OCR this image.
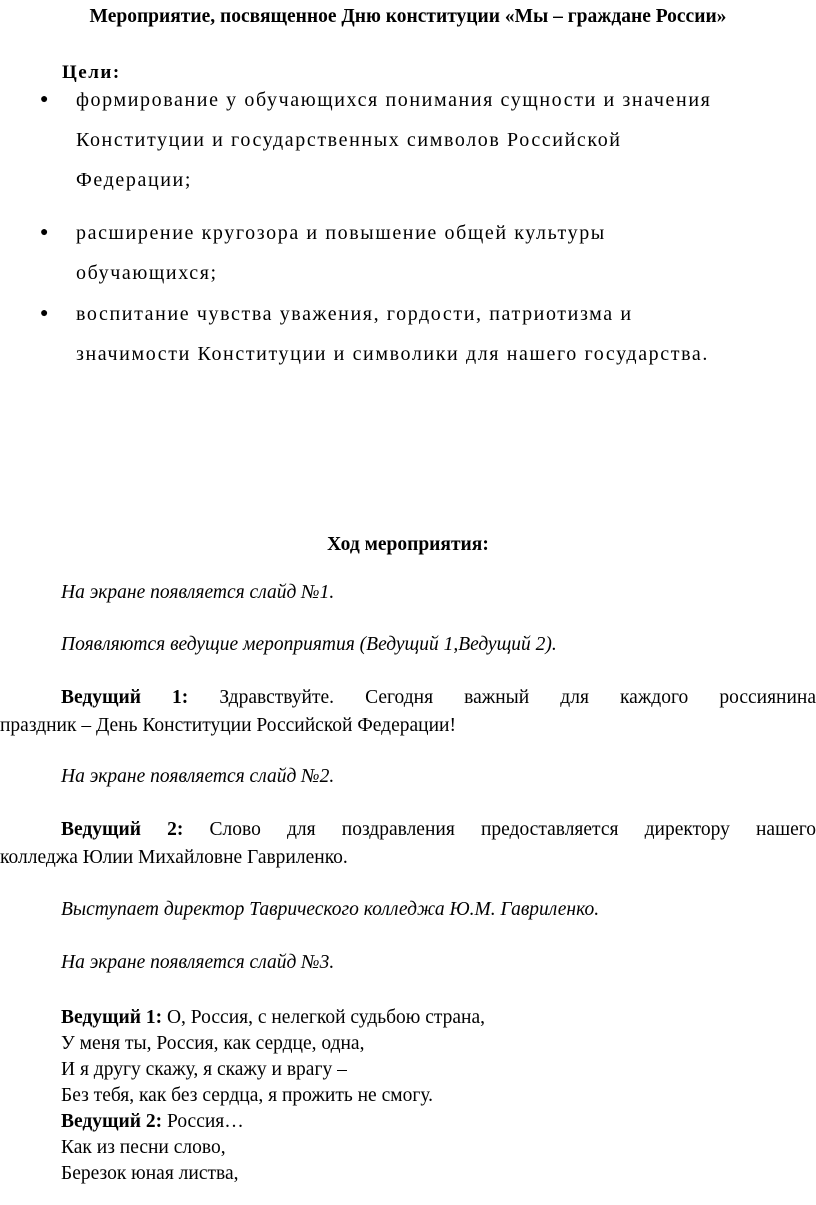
Мероприятие, посвященное Дню конституции «Мы – граждане России»
Цели:
●	формирование у обучающихся понимания сущности и значения
Конституции и государственных символов Российской
Федерации;
●	расширение кругозора и повышение общей культуры
обучающихся;
●	воспитание чувства уважения, гордости, патриотизма и
значимости Конституции и символики для нашего государства.
Ход мероприятия:
На экране появляется слайд №1.
Появляются ведущие мероприятия (Ведущий 1,Ведущий 2).
Ведущий 1: Здравствуйте. Сегодня важный для каждого россиянина
праздник – День Конституции Российской Федерации!
На экране появляется слайд №2.
Ведущий 2: Слово для поздравления предоставляется директору нашего
колледжа Юлии Михайловне Гавриленко.
Выступает директор Таврического колледжа Ю.М. Гавриленко.
На экране появляется слайд №3.
Ведущий 1: О, Россия, с нелегкой судьбою страна,
У меня ты, Россия, как сердце, одна,
И я другу скажу, я скажу и врагу –
Без тебя, как без сердца, я прожить не смогу.
Ведущий 2: Россия…
Как из песни слово,
Березок юная листва,
